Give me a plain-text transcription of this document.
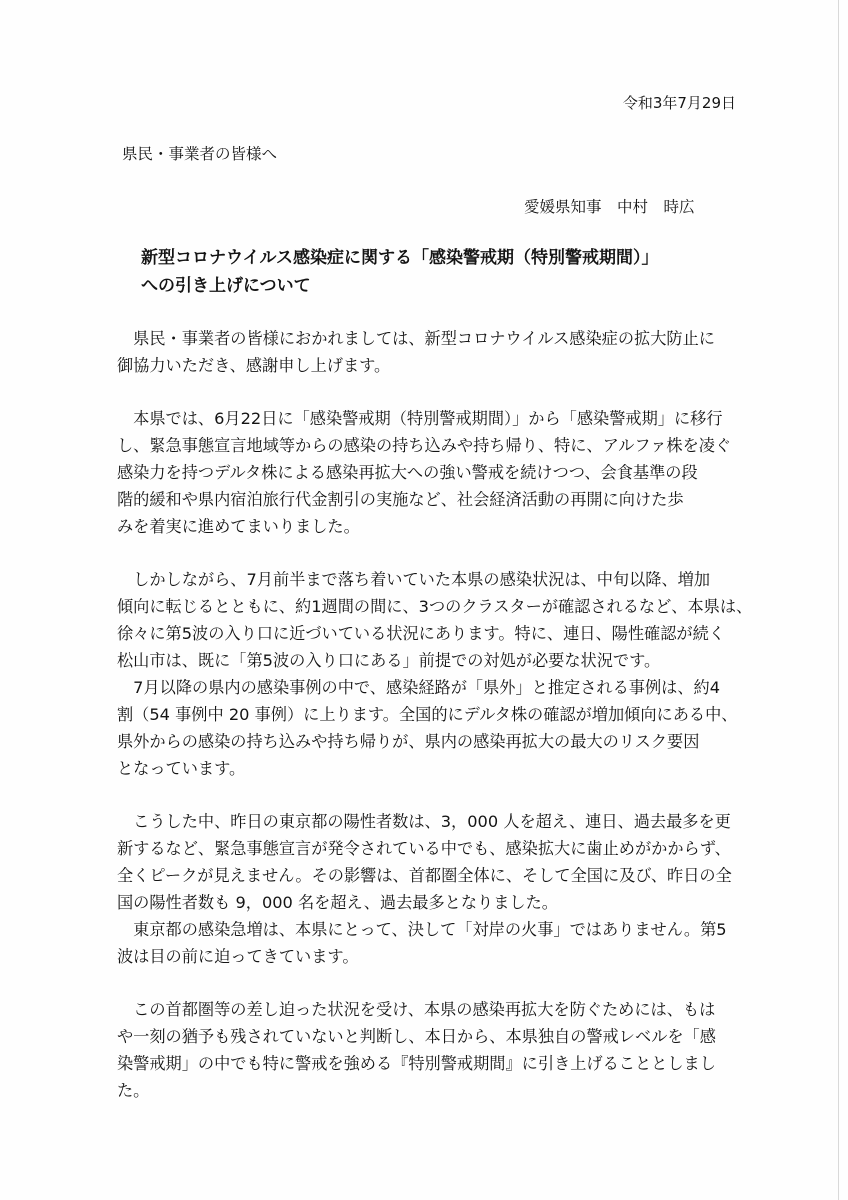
令和3年7月29日
県民・事業者の皆様へ
愛媛県知事　中村　時広
新型コロナウイルス感染症に関する「感染警戒期（特別警戒期間）」
への引き上げについて
　県民・事業者の皆様におかれましては、新型コロナウイルス感染症の拡大防止に
御協力いただき、感謝申し上げます。
　本県では、6月22日に「感染警戒期（特別警戒期間）」から「感染警戒期」に移行
し、緊急事態宣言地域等からの感染の持ち込みや持ち帰り、特に、アルファ株を凌ぐ
感染力を持つデルタ株による感染再拡大への強い警戒を続けつつ、会食基準の段
階的緩和や県内宿泊旅行代金割引の実施など、社会経済活動の再開に向けた歩
みを着実に進めてまいりました。
　しかしながら、7月前半まで落ち着いていた本県の感染状況は、中旬以降、増加
傾向に転じるとともに、約1週間の間に、3つのクラスターが確認されるなど、本県は、
徐々に第5波の入り口に近づいている状況にあります。特に、連日、陽性確認が続く
松山市は、既に「第5波の入り口にある」前提での対処が必要な状況です。
　7月以降の県内の感染事例の中で、感染経路が「県外」と推定される事例は、約4
割（54 事例中 20 事例）に上ります。全国的にデルタ株の確認が増加傾向にある中、
県外からの感染の持ち込みや持ち帰りが、県内の感染再拡大の最大のリスク要因
となっています。
　こうした中、昨日の東京都の陽性者数は、3，000 人を超え、連日、過去最多を更
新するなど、緊急事態宣言が発令されている中でも、感染拡大に歯止めがかからず、
全くピークが見えません。その影響は、首都圏全体に、そして全国に及び、昨日の全
国の陽性者数も 9，000 名を超え、過去最多となりました。
　東京都の感染急増は、本県にとって、決して「対岸の火事」ではありません。第5
波は目の前に迫ってきています。
　この首都圏等の差し迫った状況を受け、本県の感染再拡大を防ぐためには、もは
や一刻の猶予も残されていないと判断し、本日から、本県独自の警戒レベルを「感
染警戒期」の中でも特に警戒を強める『特別警戒期間』に引き上げることとしまし
た。
